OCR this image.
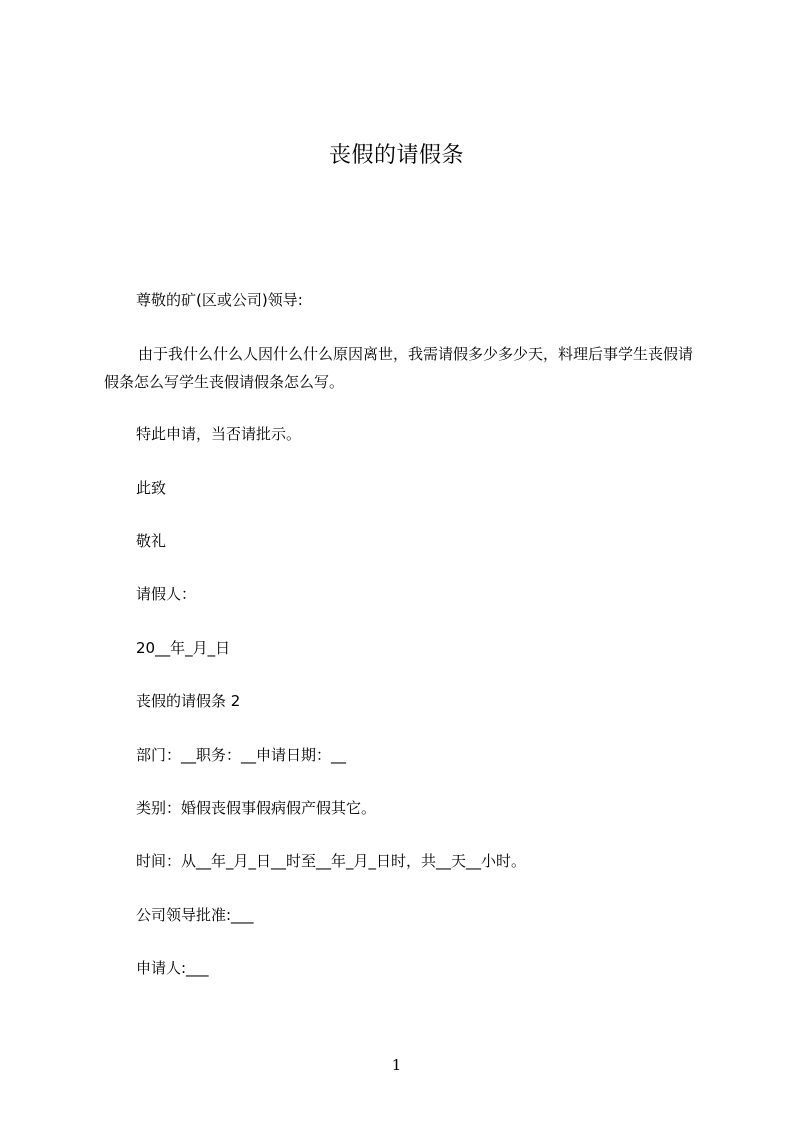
丧假的请假条
尊敬的矿(区或公司)领导:
由于我什么什么人因什么什么原因离世，我需请假多少多少天，料理后事学生丧假请假条怎么写学生丧假请假条怎么写。
特此申请，当否请批示。
此致
敬礼
请假人：
20__年_月_日
丧假的请假条 2
部门：__职务：__申请日期：__
类别：婚假丧假事假病假产假其它。
时间：从__年_月_日__时至__年_月_日时，共__天__小时。
公司领导批准:___
申请人:___
1
